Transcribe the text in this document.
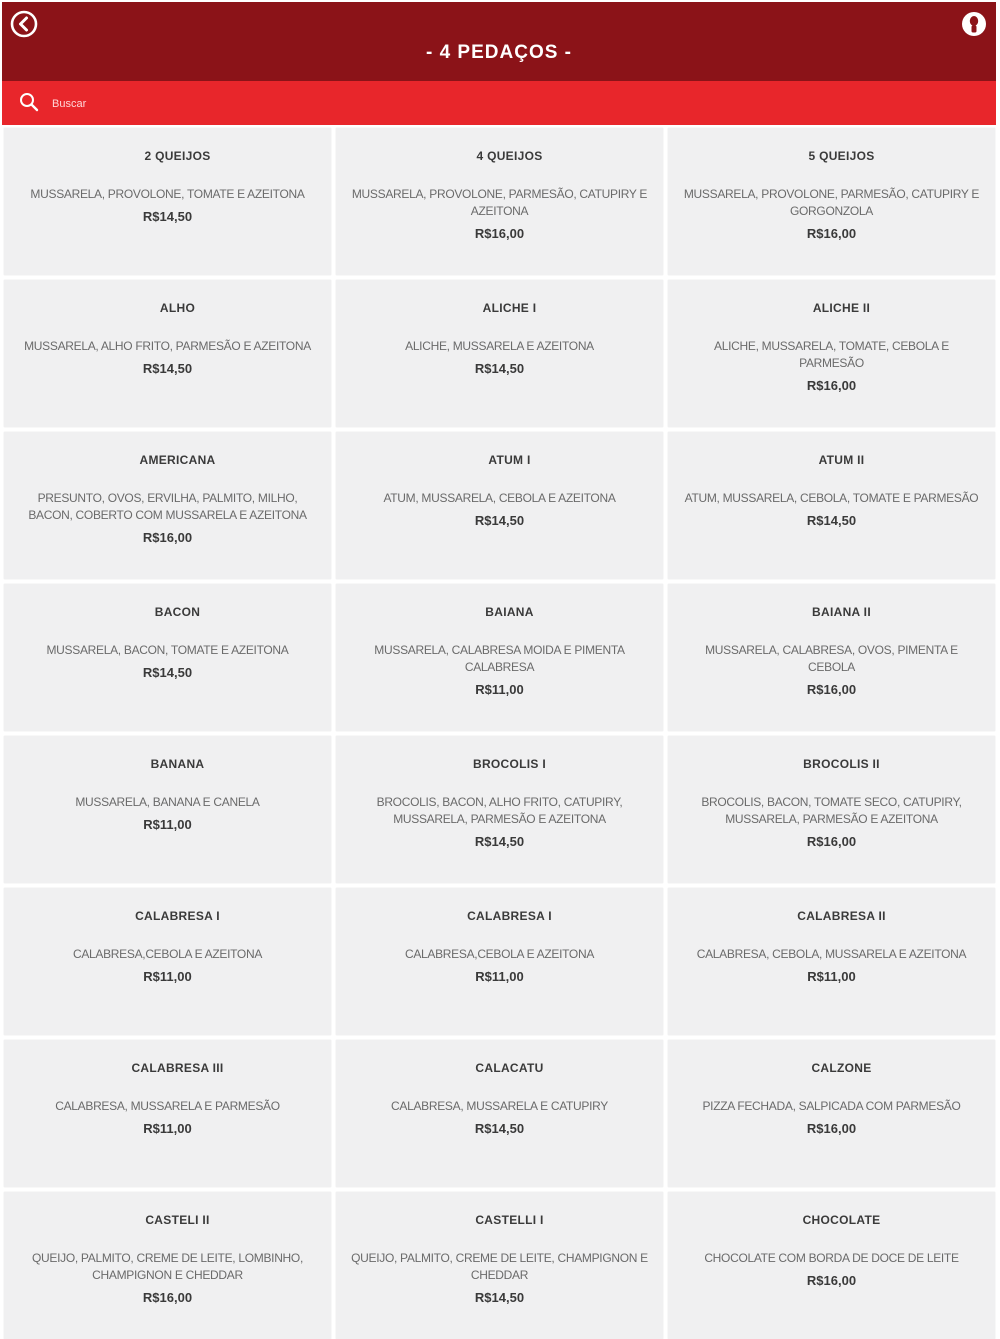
- 4 PEDAÇOS -
Buscar
2 QUEIJOS
MUSSARELA, PROVOLONE, TOMATE E AZEITONA
R$14,50
4 QUEIJOS
MUSSARELA, PROVOLONE, PARMESÃO, CATUPIRY E AZEITONA
R$16,00
5 QUEIJOS
MUSSARELA, PROVOLONE, PARMESÃO, CATUPIRY E GORGONZOLA
R$16,00
ALHO
MUSSARELA, ALHO FRITO, PARMESÃO E AZEITONA
R$14,50
ALICHE I
ALICHE, MUSSARELA E AZEITONA
R$14,50
ALICHE II
ALICHE, MUSSARELA, TOMATE, CEBOLA E PARMESÃO
R$16,00
AMERICANA
PRESUNTO, OVOS, ERVILHA, PALMITO, MILHO, BACON, COBERTO COM MUSSARELA E AZEITONA
R$16,00
ATUM I
ATUM, MUSSARELA, CEBOLA E AZEITONA
R$14,50
ATUM II
ATUM, MUSSARELA, CEBOLA, TOMATE E PARMESÃO
R$14,50
BACON
MUSSARELA, BACON, TOMATE E AZEITONA
R$14,50
BAIANA
MUSSARELA, CALABRESA MOIDA E PIMENTA CALABRESA
R$11,00
BAIANA II
MUSSARELA, CALABRESA, OVOS, PIMENTA E CEBOLA
R$16,00
BANANA
MUSSARELA, BANANA E CANELA
R$11,00
BROCOLIS I
BROCOLIS, BACON, ALHO FRITO, CATUPIRY, MUSSARELA, PARMESÃO E AZEITONA
R$14,50
BROCOLIS II
BROCOLIS, BACON, TOMATE SECO, CATUPIRY, MUSSARELA, PARMESÃO E AZEITONA
R$16,00
CALABRESA I
CALABRESA,CEBOLA E AZEITONA
R$11,00
CALABRESA I
CALABRESA,CEBOLA E AZEITONA
R$11,00
CALABRESA II
CALABRESA, CEBOLA, MUSSARELA E AZEITONA
R$11,00
CALABRESA III
CALABRESA, MUSSARELA E PARMESÃO
R$11,00
CALACATU
CALABRESA, MUSSARELA E CATUPIRY
R$14,50
CALZONE
PIZZA FECHADA, SALPICADA COM PARMESÃO
R$16,00
CASTELI II
QUEIJO, PALMITO, CREME DE LEITE, LOMBINHO, CHAMPIGNON E CHEDDAR
R$16,00
CASTELLI I
QUEIJO, PALMITO, CREME DE LEITE, CHAMPIGNON E CHEDDAR
R$14,50
CHOCOLATE
CHOCOLATE COM BORDA DE DOCE DE LEITE
R$16,00
